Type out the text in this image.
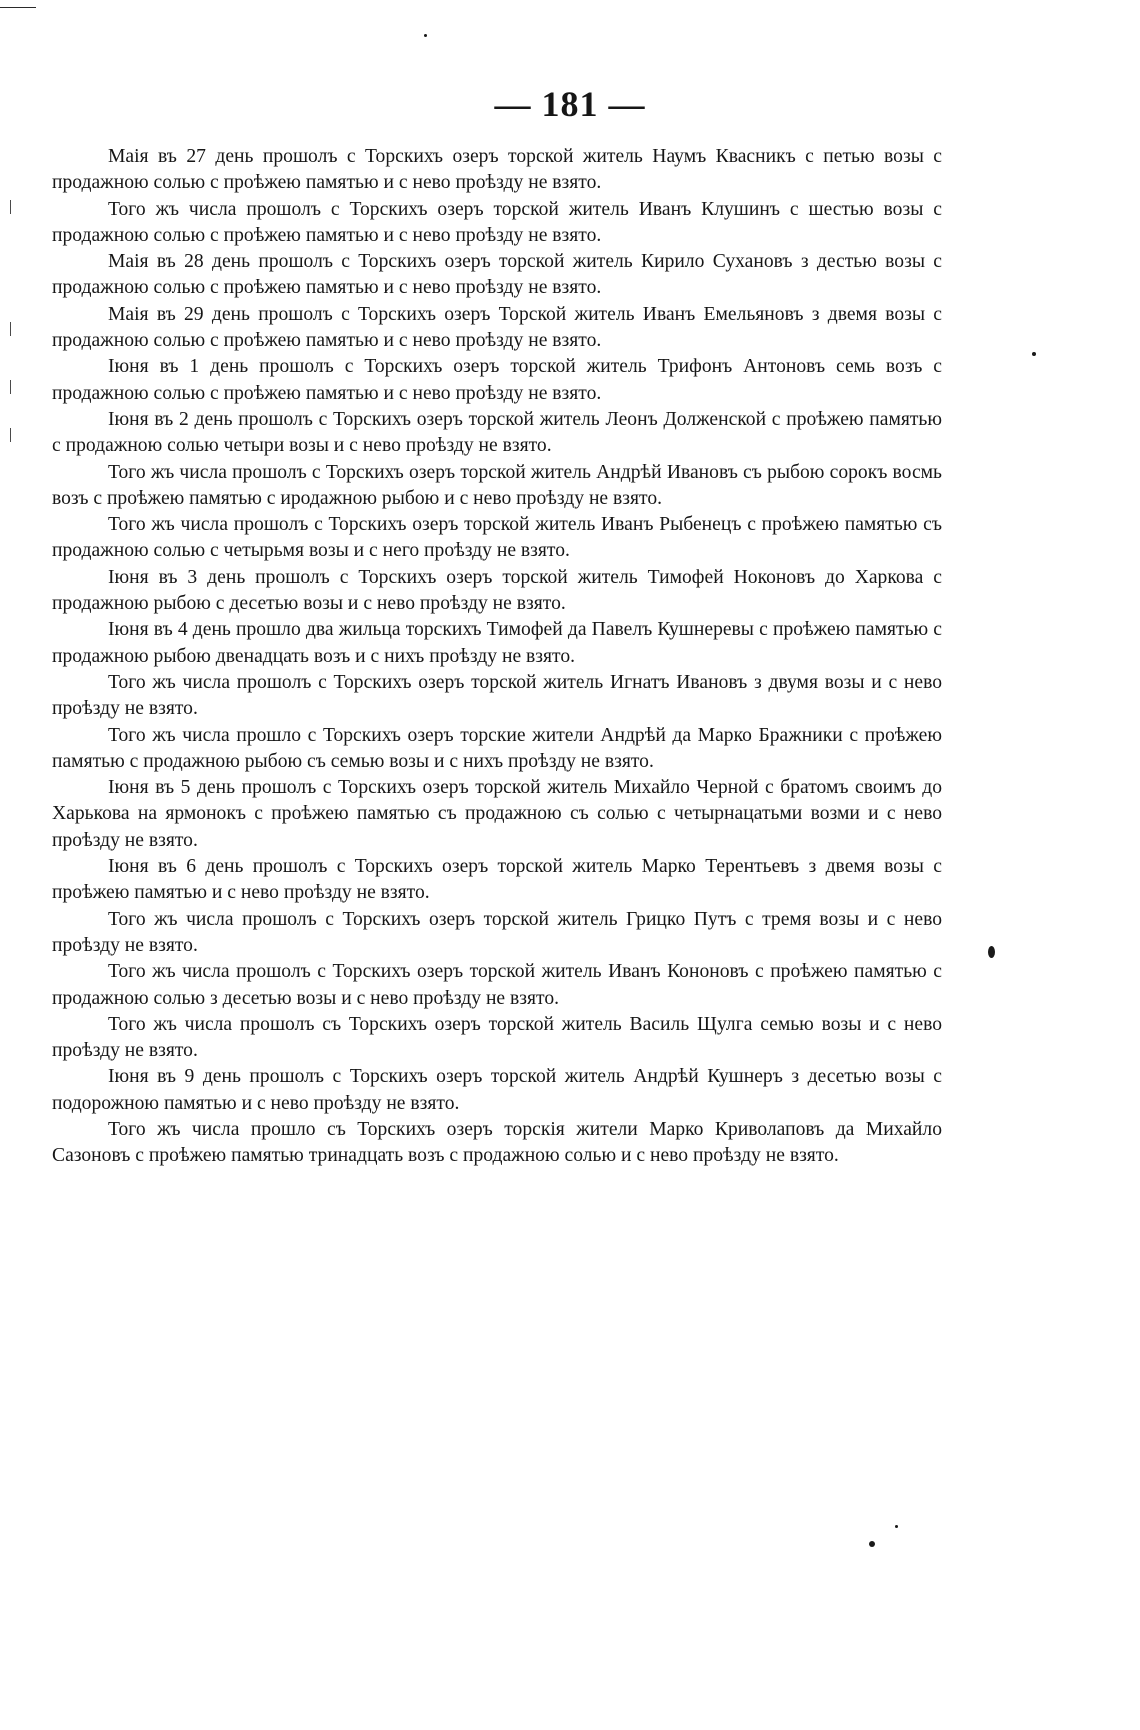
— 181 —

Маія въ 27 день прошолъ с Торскихъ озеръ торской житель Наумъ Квасникъ с петью возы с продажною солью с проѣжею памятью и с нево проѣзду не взято.

Того жъ числа прошолъ с Торскихъ озеръ торской житель Иванъ Клушинъ с шестью возы с продажною солью с проѣжею памятью и с нево проѣзду не взято.

Маія въ 28 день прошолъ с Торскихъ озеръ торской житель Кирило Сухановъ з дестью возы с продажною солью с проѣжею памятью и с нево проѣзду не взято.

Маія въ 29 день прошолъ с Торскихъ озеръ Торской житель Иванъ Емельяновъ з двемя возы с продажною солью с проѣжею памятью и с нево проѣзду не взято.

Іюня въ 1 день прошолъ с Торскихъ озеръ торской житель Трифонъ Антоновъ семь возъ с продажною солью с проѣжею памятью и с нево проѣзду не взято.

Іюня въ 2 день прошолъ с Торскихъ озеръ торской житель Леонъ Долженской с проѣжею памятью с продажною солью четыри возы и с нево проѣзду не взято.

Того жъ числа прошолъ с Торскихъ озеръ торской житель Андрѣй Ивановъ съ рыбою сорокъ восмь возъ с проѣжею памятью с иродажною рыбою и с нево проѣзду не взято.

Того жъ числа прошолъ с Торскихъ озеръ торской житель Иванъ Рыбенецъ с проѣжею памятью съ продажною солью с четырьмя возы и с него проѣзду не взято.

Іюня въ 3 день прошолъ с Торскихъ озеръ торской житель Тимофей Ноконовъ до Харкова с продажною рыбою с десетью возы и с нево проѣзду не взято.

Іюня въ 4 день прошло два жильца торскихъ Тимофей да Павелъ Кушнеревы с проѣжею памятью с продажною рыбою двенадцать возъ и с нихъ проѣзду не взято.

Того жъ числа прошолъ с Торскихъ озеръ торской житель Игнатъ Ивановъ з двумя возы и с нево проѣзду не взято.

Того жъ числа прошло с Торскихъ озеръ торские жители Андрѣй да Марко Бражники с проѣжею памятью с продажною рыбою съ семью возы и с нихъ проѣзду не взято.

Іюня въ 5 день прошолъ с Торскихъ озеръ торской житель Михайло Черной с братомъ своимъ до Харькова на ярмонокъ с проѣжею памятью съ продажною съ солью с четырнацатьми возми и с нево проѣзду не взято.

Іюня въ 6 день прошолъ с Торскихъ озеръ торской житель Марко Терентьевъ з двемя возы с проѣжею памятью и с нево проѣзду не взято.

Того жъ числа прошолъ с Торскихъ озеръ торской житель Грицко Путъ с тремя возы и с нево проѣзду не взято.

Того жъ числа прошолъ с Торскихъ озеръ торской житель Иванъ Кононовъ с проѣжею памятью с продажною солью з десетью возы и с нево проѣзду не взято.

Того жъ числа прошолъ съ Торскихъ озеръ торской житель Василь Щулга семью возы и с нево проѣзду не взято.

Іюня въ 9 день прошолъ с Торскихъ озеръ торской житель Андрѣй Кушнеръ з десетью возы с подорожною памятью и с нево проѣзду не взято.

Того жъ числа прошло съ Торскихъ озеръ торскія жители Марко Криволаповъ да Михайло Сазоновъ с проѣжею памятью тринадцать возъ с продажною солью и с нево проѣзду не взято.
